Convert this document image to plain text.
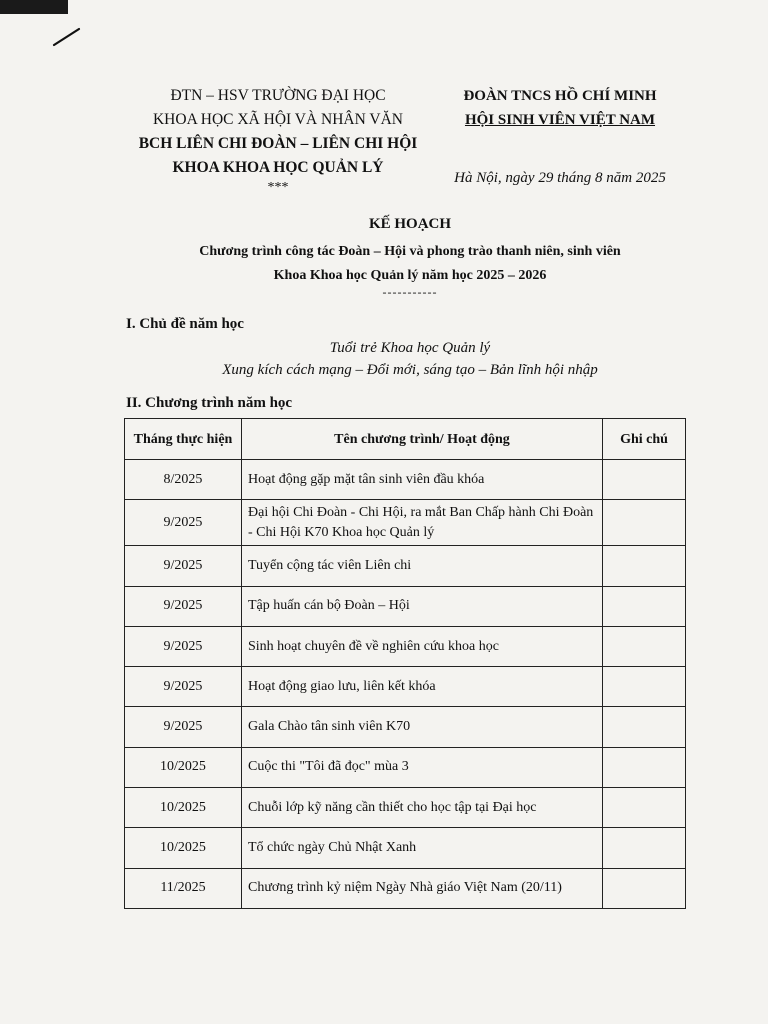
ĐTN – HSV TRƯỜNG ĐẠI HỌC
KHOA HỌC XÃ HỘI VÀ NHÂN VĂN
BCH LIÊN CHI ĐOÀN – LIÊN CHI HỘI
KHOA KHOA HỌC QUẢN LÝ
***
ĐOÀN TNCS HỒ CHÍ MINH
HỘI SINH VIÊN VIỆT NAM
Hà Nội, ngày 29 tháng 8 năm 2025
KẾ HOẠCH
Chương trình công tác Đoàn – Hội và phong trào thanh niên, sinh viên
Khoa Khoa học Quản lý năm học 2025 – 2026
-----------
I. Chủ đề năm học
Tuổi trẻ Khoa học Quản lý
Xung kích cách mạng – Đổi mới, sáng tạo – Bản lĩnh hội nhập
II. Chương trình năm học
Tháng thực hiện	Tên chương trình/ Hoạt động	Ghi chú
8/2025	Hoạt động gặp mặt tân sinh viên đầu khóa	
9/2025	Đại hội Chi Đoàn - Chi Hội, ra mắt Ban Chấp hành Chi Đoàn - Chi Hội K70 Khoa học Quản lý	
9/2025	Tuyển cộng tác viên Liên chi	
9/2025	Tập huấn cán bộ Đoàn – Hội	
9/2025	Sinh hoạt chuyên đề về nghiên cứu khoa học	
9/2025	Hoạt động giao lưu, liên kết khóa	
9/2025	Gala Chào tân sinh viên K70	
10/2025	Cuộc thi "Tôi đã đọc" mùa 3	
10/2025	Chuỗi lớp kỹ năng cần thiết cho học tập tại Đại học	
10/2025	Tổ chức ngày Chủ Nhật Xanh	
11/2025	Chương trình kỷ niệm Ngày Nhà giáo Việt Nam (20/11)	
